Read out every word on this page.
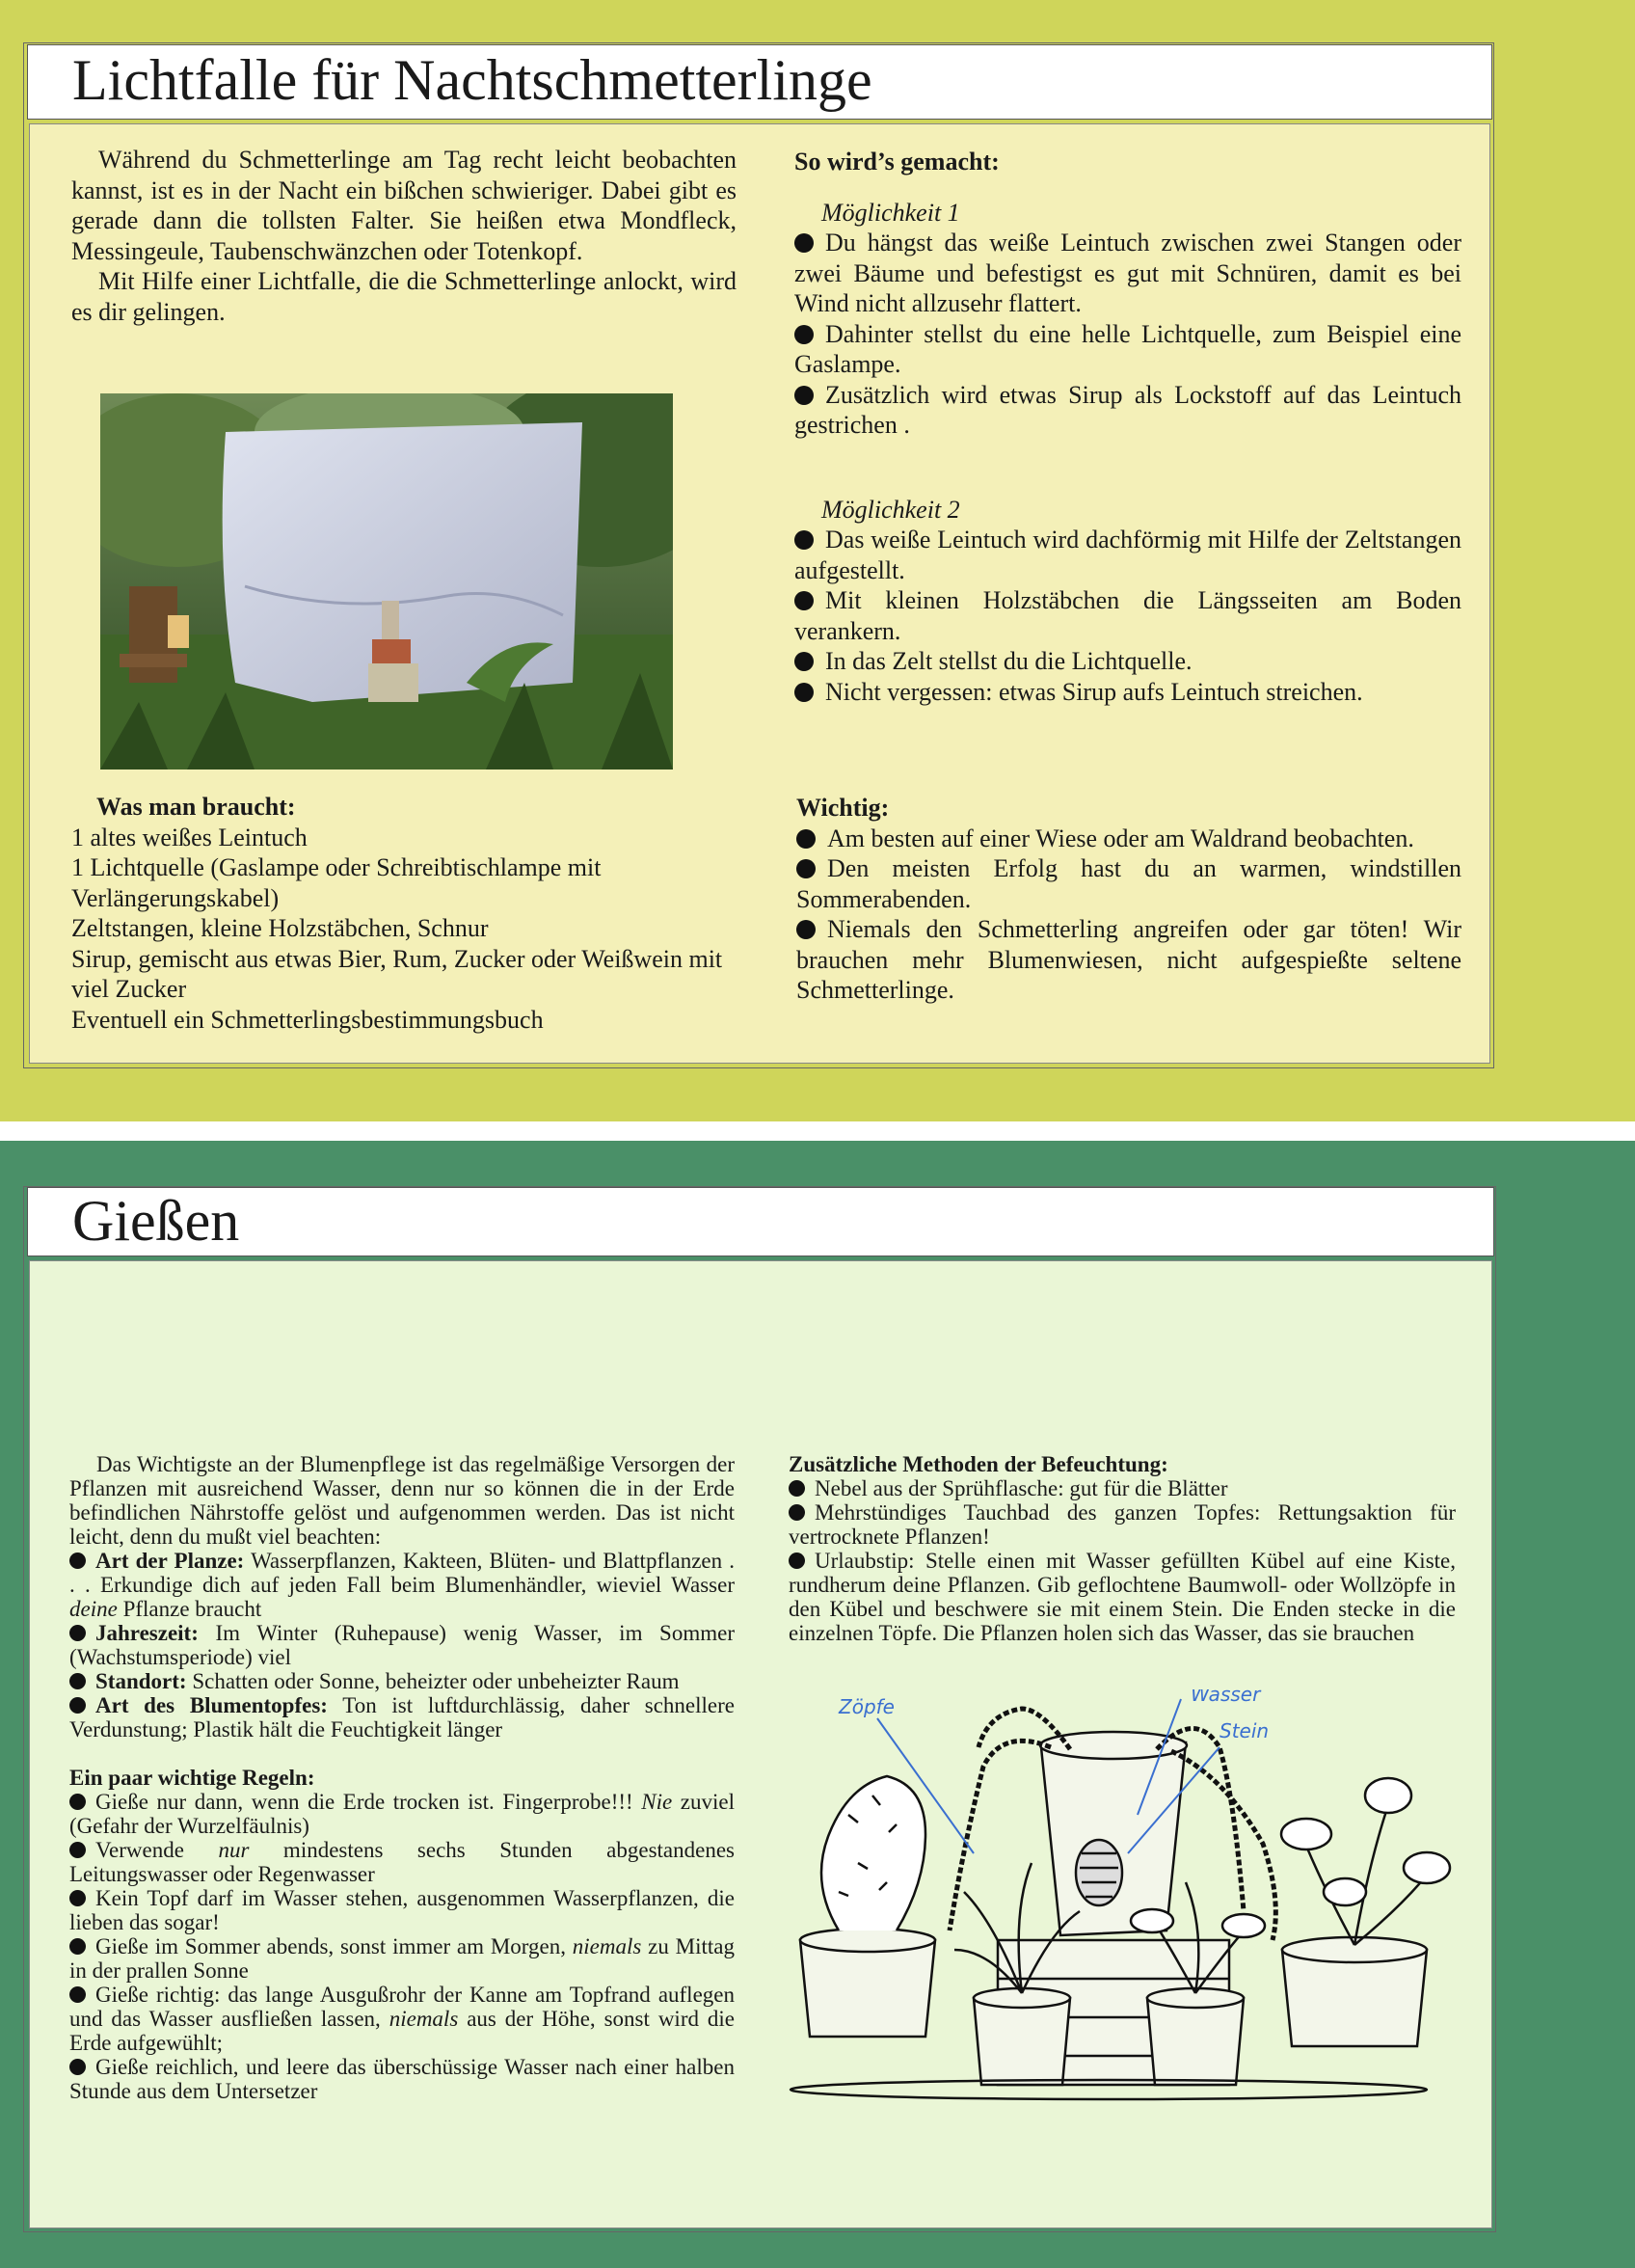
Lichtfalle für Nachtschmetterlinge

Während du Schmetterlinge am Tag recht leicht beobachten kannst, ist es in der Nacht ein bißchen schwieriger. Dabei gibt es gerade dann die tollsten Falter. Sie heißen etwa Mondfleck, Messingeule, Taubenschwänzchen oder Totenkopf.

Mit Hilfe einer Lichtfalle, die die Schmetterlinge anlockt, wird es dir gelingen.

Was man braucht:

1 altes weißes Leintuch

1 Lichtquelle (Gaslampe oder Schreibtischlampe mit Verlängerungskabel)

Zeltstangen, kleine Holzstäbchen, Schnur

Sirup, gemischt aus etwas Bier, Rum, Zucker oder Weißwein mit viel Zucker

Eventuell ein Schmetterlingsbestimmungsbuch

So wird’s gemacht:

Möglichkeit 1

Du hängst das weiße Leintuch zwischen zwei Stangen oder zwei Bäume und befestigst es gut mit Schnüren, damit es bei Wind nicht allzusehr flattert.

Dahinter stellst du eine helle Lichtquelle, zum Beispiel eine Gaslampe.

Zusätzlich wird etwas Sirup als Lockstoff auf das Leintuch gestrichen .

Möglichkeit 2

Das weiße Leintuch wird dachförmig mit Hilfe der Zeltstangen aufgestellt.

Mit kleinen Holzstäbchen die Längsseiten am Boden verankern.

In das Zelt stellst du die Lichtquelle.

Nicht vergessen: etwas Sirup aufs Leintuch streichen.

Wichtig:

Am besten auf einer Wiese oder am Waldrand beobachten.

Den meisten Erfolg hast du an warmen, windstillen Sommerabenden.

Niemals den Schmetterling angreifen oder gar töten! Wir brauchen mehr Blumenwiesen, nicht aufgespießte seltene Schmetterlinge.

Gießen

Das Wichtigste an der Blumenpflege ist das regelmäßige Versorgen der Pflanzen mit ausreichend Wasser, denn nur so können die in der Erde befindlichen Nährstoffe gelöst und aufgenommen werden. Das ist nicht leicht, denn du mußt viel beachten:

Art der Planze: Wasserpflanzen, Kakteen, Blüten- und Blattpflanzen . . . Erkundige dich auf jeden Fall beim Blumenhändler, wieviel Wasser deine Pflanze braucht

Jahreszeit: Im Winter (Ruhepause) wenig Wasser, im Sommer (Wachstumsperiode) viel

Standort: Schatten oder Sonne, beheizter oder unbeheizter Raum

Art des Blumentopfes: Ton ist luftdurchlässig, daher schnellere Verdunstung; Plastik hält die Feuchtigkeit länger

Ein paar wichtige Regeln:

Gieße nur dann, wenn die Erde trocken ist. Fingerprobe!!! Nie zuviel (Gefahr der Wurzelfäulnis)

Verwende nur mindestens sechs Stunden abgestandenes Leitungswasser oder Regenwasser

Kein Topf darf im Wasser stehen, ausgenommen Wasserpflanzen, die lieben das sogar!

Gieße im Sommer abends, sonst immer am Morgen, niemals zu Mittag in der prallen Sonne

Gieße richtig: das lange Ausgußrohr der Kanne am Topfrand auflegen und das Wasser ausfließen lassen, niemals aus der Höhe, sonst wird die Erde aufgewühlt;

Gieße reichlich, und leere das überschüssige Wasser nach einer halben Stunde aus dem Untersetzer

Zusätzliche Methoden der Befeuchtung:

Nebel aus der Sprühflasche: gut für die Blätter

Mehrstündiges Tauchbad des ganzen Topfes: Rettungsaktion für vertrocknete Pflanzen!

Urlaubstip: Stelle einen mit Wasser gefüllten Kübel auf eine Kiste, rundherum deine Pflanzen. Gib geflochtene Baumwoll- oder Wollzöpfe in den Kübel und beschwere sie mit einem Stein. Die Enden stecke in die einzelnen Töpfe. Die Pflanzen holen sich das Wasser, das sie brauchen

Zöpfe
Wasser
Stein
